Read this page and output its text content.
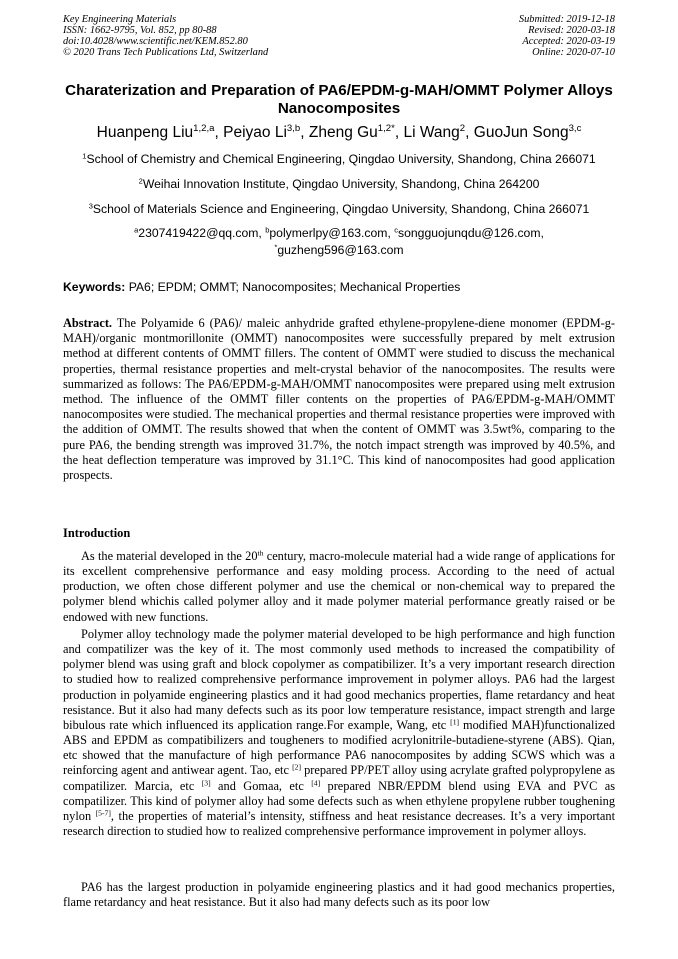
Key Engineering Materials
ISSN: 1662-9795, Vol. 852, pp 80-88
doi:10.4028/www.scientific.net/KEM.852.80
© 2020 Trans Tech Publications Ltd, Switzerland
Submitted: 2019-12-18
Revised: 2020-03-18
Accepted: 2020-03-19
Online: 2020-07-10
Charaterization and Preparation of PA6/EPDM-g-MAH/OMMT Polymer Alloys Nanocomposites
Huanpeng Liu$^{1,2,a}$, Peiyao Li$^{3,b}$, Zheng $Gu^{1,2*}$, Li Wang$^2$, GuoJun Song$^{3,c}$
$^1$School of Chemistry and Chemical Engineering, Qingdao University, Shandong, China 266071
$^2$Weihai Innovation Institute, Qingdao University, Shandong, China 264200
$^3$School of Materials Science and Engineering, Qingdao University, Shandong, China 266071
$^a$2307419422@qq.com, $^b$polymerlpy@163.com, $^c$songguojunqdu@126.com,
*guzheng596@163.com
Keywords: PA6; EPDM; OMMT; Nanocomposites; Mechanical Properties

Abstract. The Polyamide 6 (PA6)/ maleic anhydride grafted ethylene-propylene-diene monomer (EPDM-g-MAH)/organic montmorillonite (OMMT) nanocomposites were successfully prepared by melt extrusion method at different contents of OMMT fillers. The content of OMMT were studied to discuss the mechanical properties, thermal resistance properties and melt-crystal behavior of the nanocomposites. The results were summarized as follows: The PA6/EPDM-g-MAH/OMMT nanocomposites were prepared using melt extrusion method. The influence of the OMMT filler contents on the properties of PA6/EPDM-g-MAH/OMMT nanocomposites were studied. The mechanical properties and thermal resistance properties were improved with the addition of OMMT. The results showed that when the content of OMMT was 3.5wt%, comparing to the pure PA6, the bending strength was improved 31.7%, the notch impact strength was improved by 40.5%, and the heat deflection temperature was improved by 31.1°C. This kind of nanocomposites had good application prospects.

Introduction

As the material developed in the 20th century, macro-molecule material had a wide range of applications for its excellent comprehensive performance and easy molding process. According to the need of actual production, we often chose different polymer and use the chemical or non-chemical way to prepared the polymer blend whichis called polymer alloy and it made polymer material performance greatly raised or be endowed with new functions.

Polymer alloy technology made the polymer material developed to be high performance and high function and compatilizer was the key of it. The most commonly used methods to increased the compatibility of polymer blend was using graft and block copolymer as compatibilizer. It’s a very important research direction to studied how to realized comprehensive performance improvement in polymer alloys. PA6 had the largest production in polyamide engineering plastics and it had good mechanics properties, flame retardancy and heat resistance. But it also had many defects such as its poor low temperature resistance, impact strength and large bibulous rate which influenced its application range.For example, Wang, etc [1] modified MAH)functionalized ABS and EPDM as compatibilizers and tougheners to modified acrylonitrile-butadiene-styrene (ABS). Qian, etc showed that the manufacture of high performance PA6 nanocomposites by adding SCWS which was a reinforcing agent and antiwear agent. Tao, etc [2] prepared PP/PET alloy using acrylate grafted polypropylene as compatilizer. Marcia, etc [3] and Gomaa, etc [4] prepared NBR/EPDM blend using EVA and PVC as compatilizer. This kind of polymer alloy had some defects such as when ethylene propylene rubber toughening nylon [5-7], the properties of material’s intensity, stiffness and heat resistance decreases. It’s a very important research direction to studied how to realized comprehensive performance improvement in polymer alloys.

PA6 has the largest production in polyamide engineering plastics and it had good mechanics properties, flame retardancy and heat resistance. But it also had many defects such as its poor low
